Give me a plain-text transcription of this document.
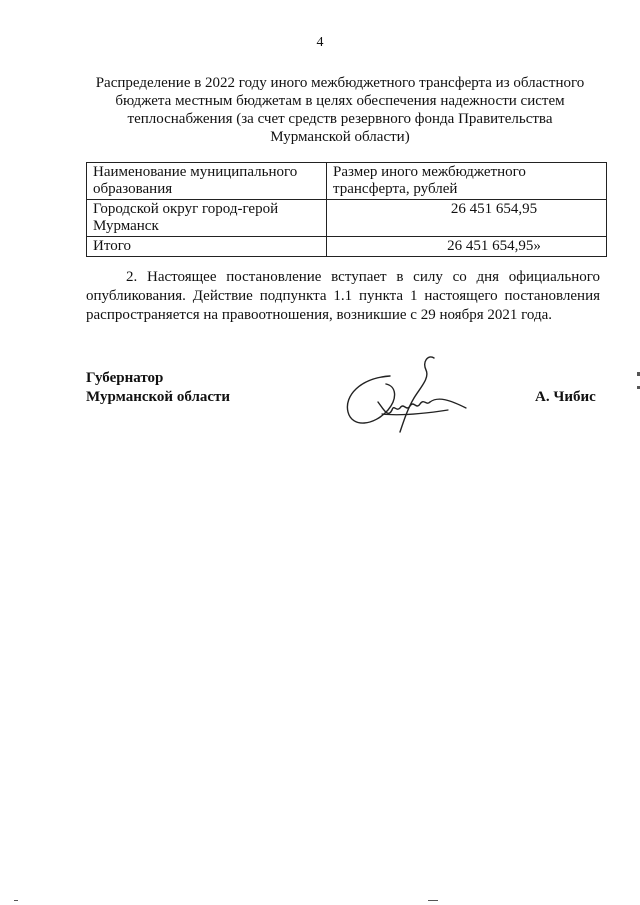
4
Распределение в 2022 году иного межбюджетного трансферта из областного
бюджета местным бюджетам в целях обеспечения надежности систем
теплоснабжения (за счет средств резервного фонда Правительства
Мурманской области)
Наименование муниципального образования	Размер иного межбюджетного трансферта, рублей
Городской округ город-герой Мурманск	26 451 654,95
Итого	26 451 654,95»
2. Настоящее постановление вступает в силу со дня официального опубликования. Действие подпункта 1.1 пункта 1 настоящего постановления распространяется на правоотношения, возникшие с 29 ноября 2021 года.
Губернатор
Мурманской области	А. Чибис
